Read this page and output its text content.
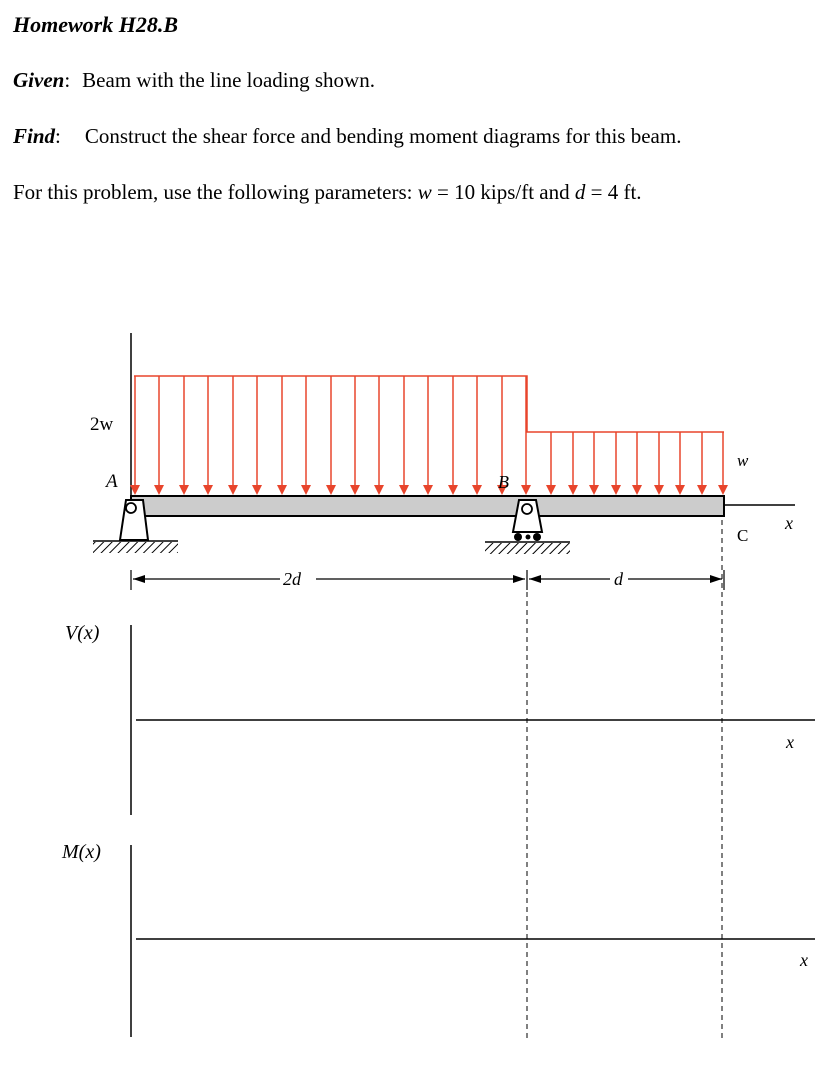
Homework H28.B
Given: Beam with the line loading shown.
Find: Construct the shear force and bending moment diagrams for this beam.
For this problem, use the following parameters: w = 10 kips/ft and d = 4 ft.
2w
w
A	B
C
x
2d	d
V(x)
x
M(x)
x
